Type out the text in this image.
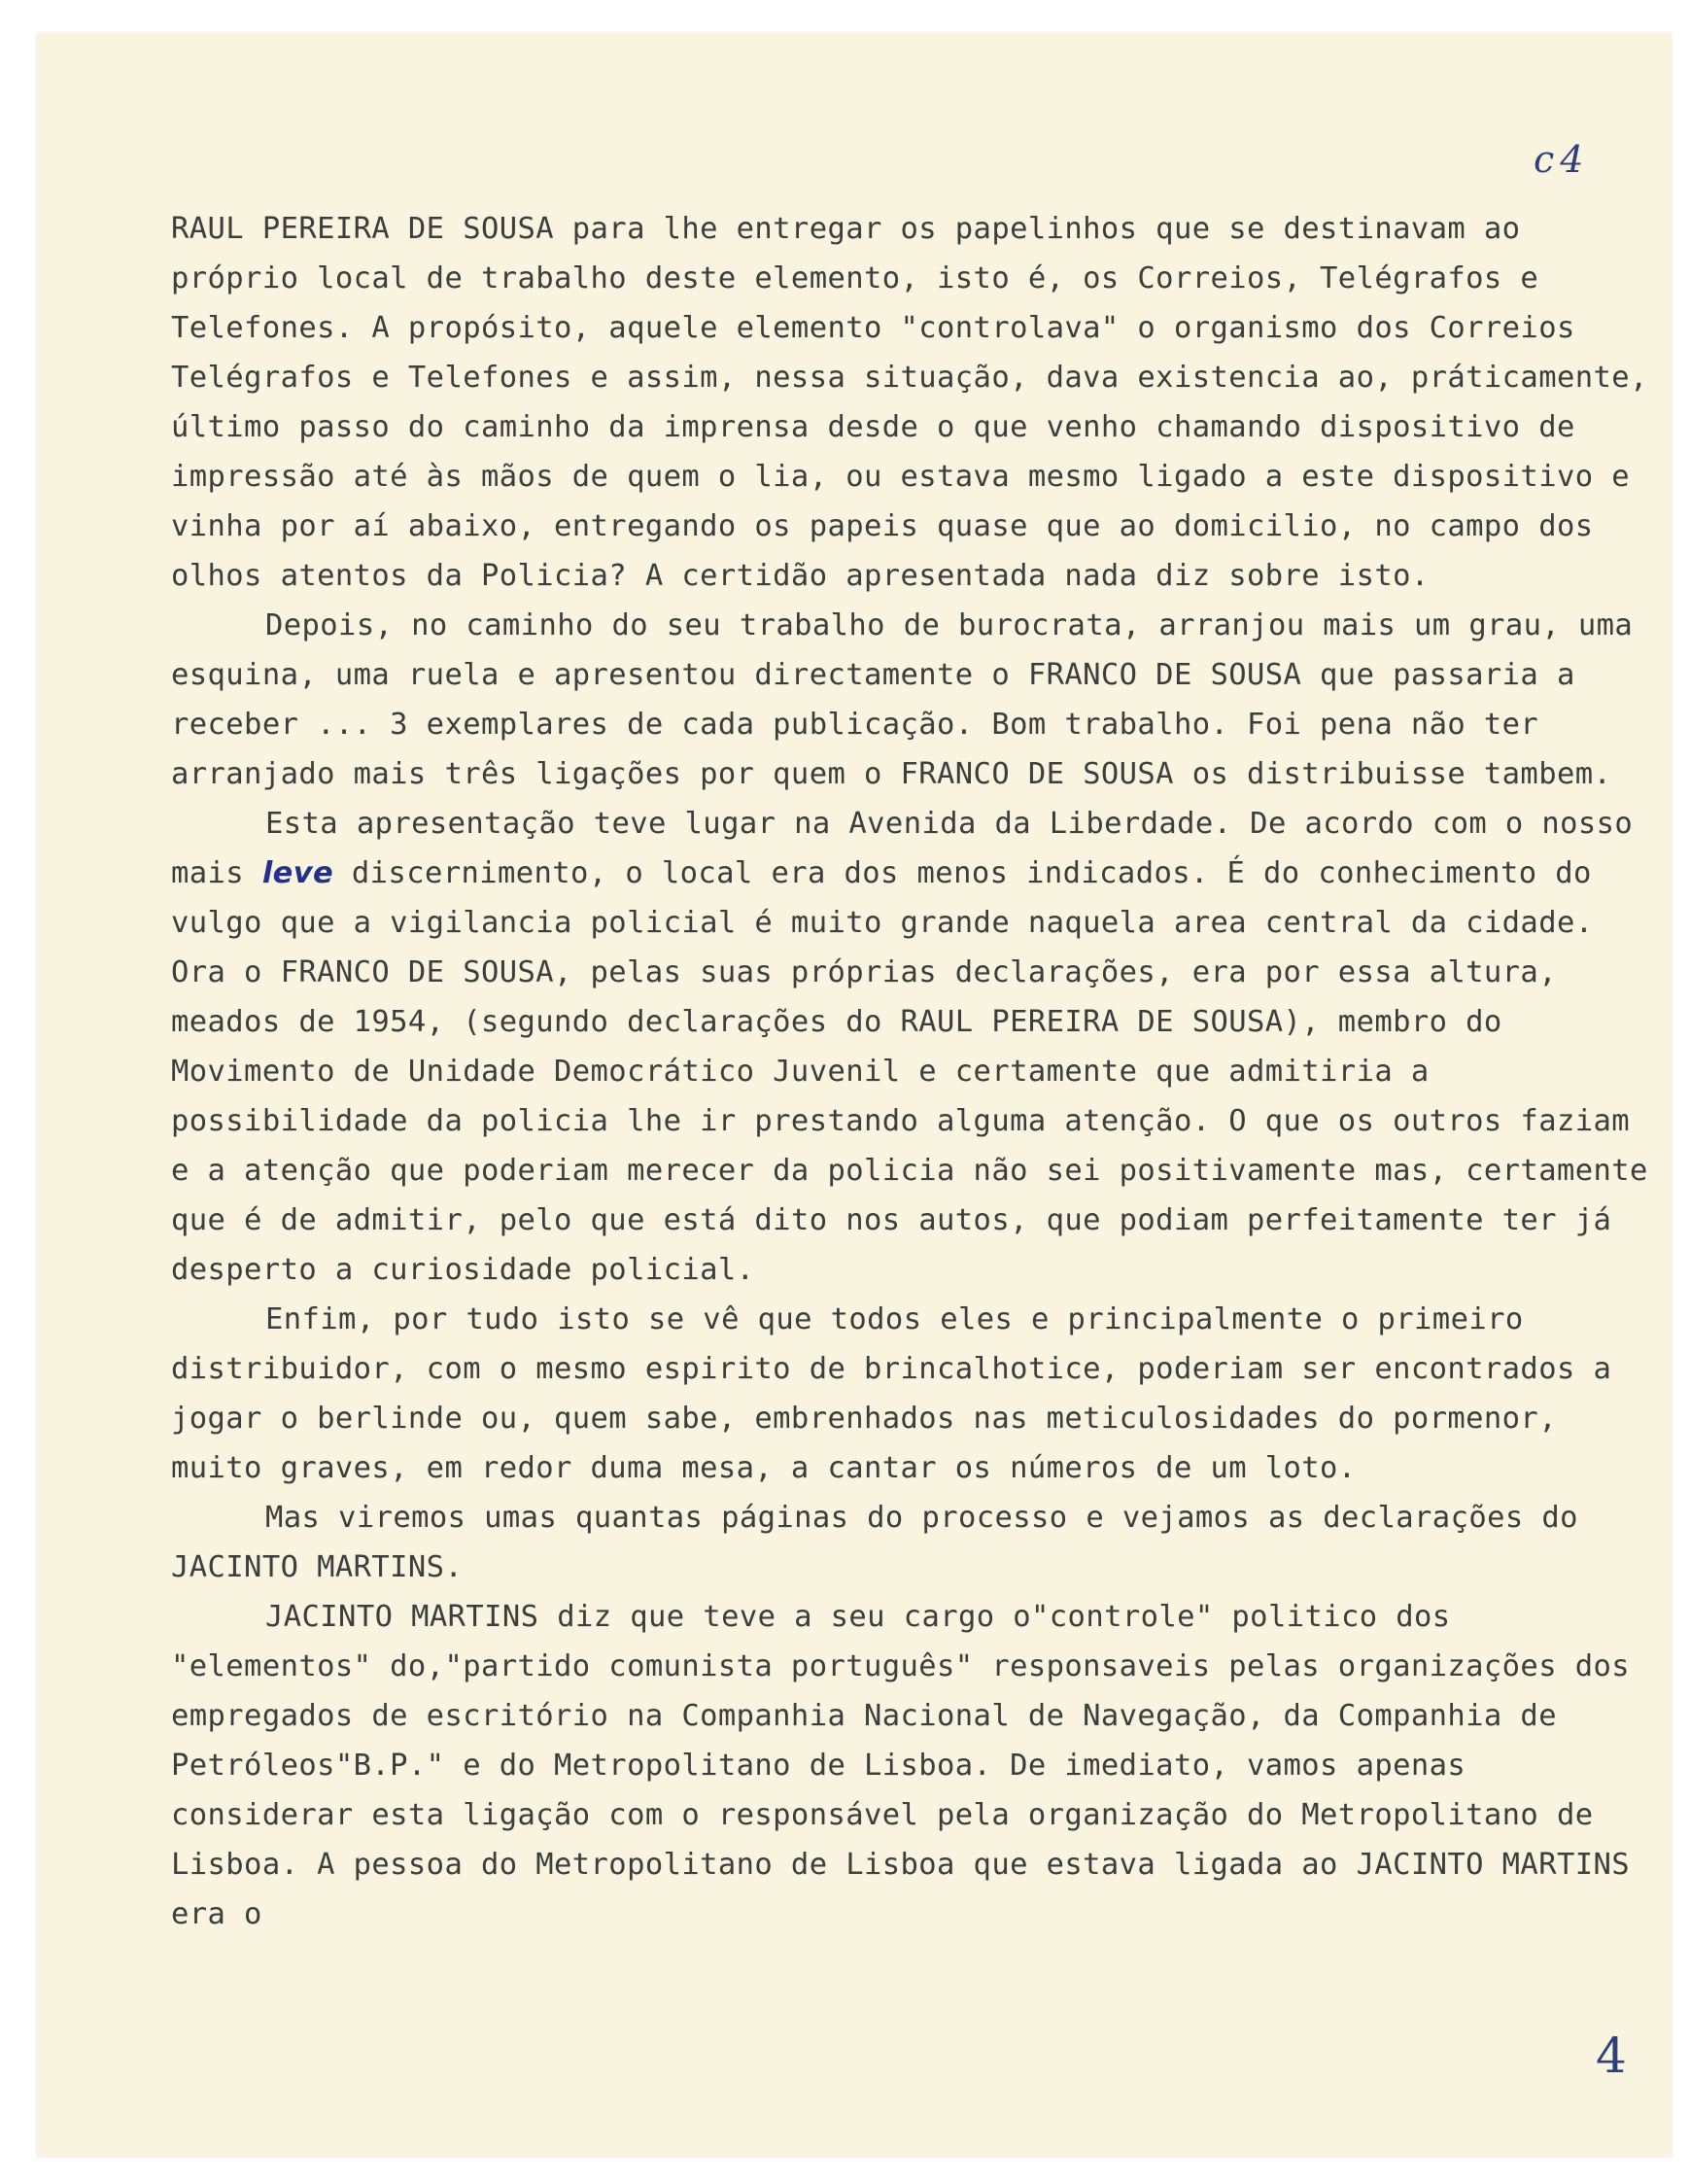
c4

RAUL PEREIRA DE SOUSA para lhe entregar os papelinhos que se destinavam ao próprio local de trabalho deste elemento, isto é, os Correios, Telégrafos e Telefones. A propósito, aquele elemento "controlava" o organismo dos Correios Telégrafos e Telefones e assim, nessa situação, dava existencia ao, práticamente, último passo do caminho da imprensa desde o que venho chamando dispositivo de impressão até às mãos de quem o lia, ou estava mesmo ligado a este dispositivo e vinha por aí abaixo, entregando os papeis quase que ao domicilio, no campo dos olhos atentos da Policia? A certidão apresentada nada diz sobre isto.

Depois, no caminho do seu trabalho de burocrata, arranjou mais um grau, uma esquina, uma ruela e apresentou directamente o FRANCO DE SOUSA que passaria a receber ... 3 exemplares de cada publicação. Bom trabalho. Foi pena não ter arranjado mais três ligações por quem o FRANCO DE SOUSA os distribuisse tambem.

Esta apresentação teve lugar na Avenida da Liberdade. De acordo com o nosso mais leve discernimento, o local era dos menos indicados. É do conhecimento do vulgo que a vigilancia policial é muito grande naquela area central da cidade. Ora o FRANCO DE SOUSA, pelas suas próprias declarações, era por essa altura, meados de 1954, (segundo declarações do RAUL PEREIRA DE SOUSA), membro do Movimento de Unidade Democrático Juvenil e certamente que admitiria a possibilidade da policia lhe ir prestando alguma atenção. O que os outros faziam e a atenção que poderiam merecer da policia não sei positivamente mas, certamente que é de admitir, pelo que está dito nos autos, que podiam perfeitamente ter já desperto a curiosidade policial.

Enfim, por tudo isto se vê que todos eles e principalmente o primeiro distribuidor, com o mesmo espirito de brincalhotice, poderiam ser encontrados a jogar o berlinde ou, quem sabe, embrenhados nas meticulosidades do pormenor, muito graves, em redor duma mesa, a cantar os números de um loto.

Mas viremos umas quantas páginas do processo e vejamos as declarações do JACINTO MARTINS.

JACINTO MARTINS diz que teve a seu cargo o"controle" politico dos "elementos" do,"partido comunista português" responsaveis pelas organizações dos empregados de escritório na Companhia Nacional de Navegação, da Companhia de Petróleos"B.P." e do Metropolitano de Lisboa. De imediato, vamos apenas considerar esta ligação com o responsável pela organização do Metropolitano de Lisboa. A pessoa do Metropolitano de Lisboa que estava ligada ao JACINTO MARTINS era o

4
